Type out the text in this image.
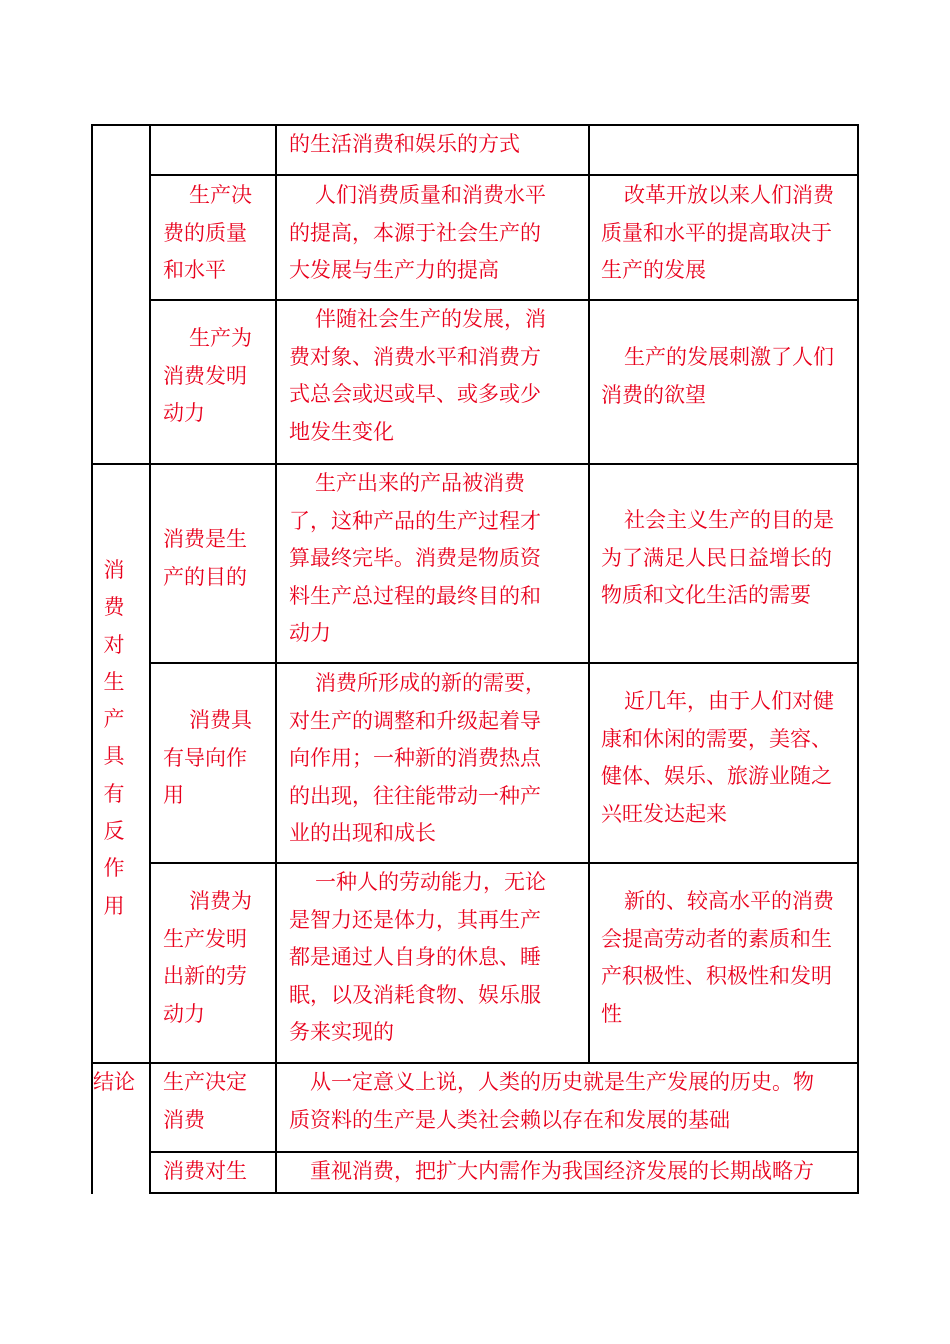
的生活消费和娱乐的方式
生产决
费的质量
和水平
人们消费质量和消费水平
的提高，本源于社会生产的
大发展与生产力的提高
改革开放以来人们消费
质量和水平的提高取决于
生产的发展
生产为
消费发明
动力
伴随社会生产的发展，消
费对象、消费水平和消费方
式总会或迟或早、或多或少
地发生变化
生产的发展刺激了人们
消费的欲望
消
费
对
生
产
具
有
反
作
用
消费是生
产的目的
生产出来的产品被消费
了，这种产品的生产过程才
算最终完毕。消费是物质资
料生产总过程的最终目的和
动力
社会主义生产的目的是
为了满足人民日益增长的
物质和文化生活的需要
消费具
有导向作
用
消费所形成的新的需要，
对生产的调整和升级起着导
向作用；一种新的消费热点
的出现，往往能带动一种产
业的出现和成长
近几年，由于人们对健
康和休闲的需要，美容、
健体、娱乐、旅游业随之
兴旺发达起来
消费为
生产发明
出新的劳
动力
一种人的劳动能力，无论
是智力还是体力，其再生产
都是通过人自身的休息、睡
眠，以及消耗食物、娱乐服
务来实现的
新的、较高水平的消费
会提高劳动者的素质和生
产积极性、积极性和发明
性
结论 生产决定
消费
从一定意义上说，人类的历史就是生产发展的历史。物
质资料的生产是人类社会赖以存在和发展的基础
消费对生	重视消费，把扩大内需作为我国经济发展的长期战略方
